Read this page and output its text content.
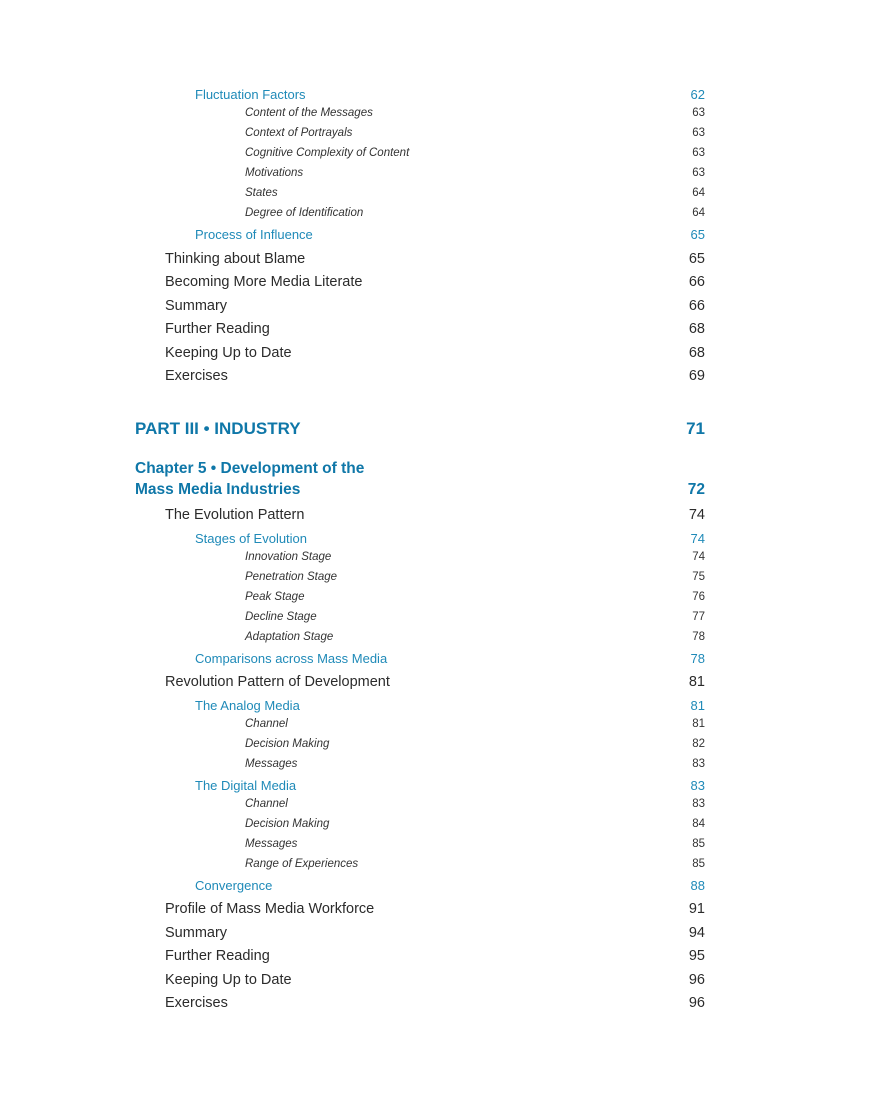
Fluctuation Factors	62
Content of the Messages	63
Context of Portrayals	63
Cognitive Complexity of Content	63
Motivations	63
States	64
Degree of Identification	64
Process of Influence	65
Thinking about Blame	65
Becoming More Media Literate	66
Summary	66
Further Reading	68
Keeping Up to Date	68
Exercises	69
PART III • INDUSTRY	71
Chapter 5 • Development of the
Mass Media Industries	72
The Evolution Pattern	74
Stages of Evolution	74
Innovation Stage	74
Penetration Stage	75
Peak Stage	76
Decline Stage	77
Adaptation Stage	78
Comparisons across Mass Media	78
Revolution Pattern of Development	81
The Analog Media	81
Channel	81
Decision Making	82
Messages	83
The Digital Media	83
Channel	83
Decision Making	84
Messages	85
Range of Experiences	85
Convergence	88
Profile of Mass Media Workforce	91
Summary	94
Further Reading	95
Keeping Up to Date	96
Exercises	96
